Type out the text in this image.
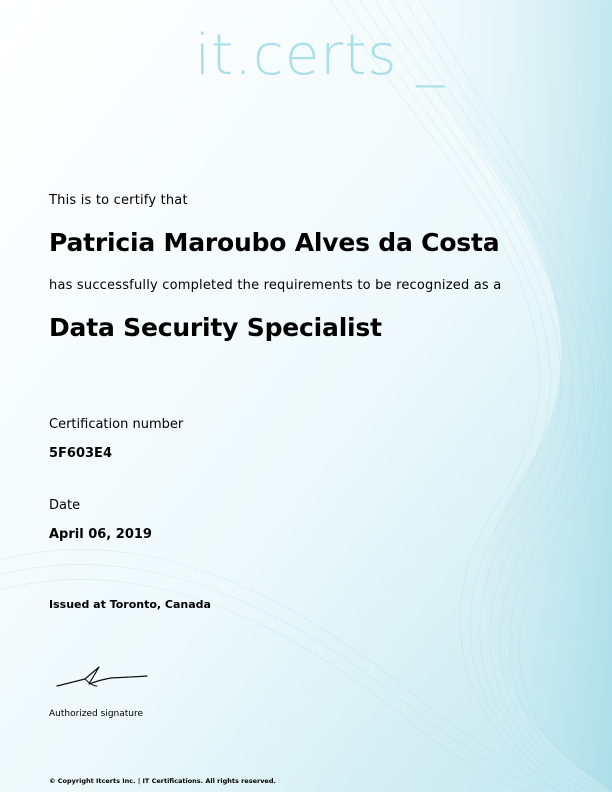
it.certs _
This is to certify that
Patricia Maroubo Alves da Costa
has successfully completed the requirements to be recognized as a
Data Security Specialist
Certification number
5F603E4
Date
April 06, 2019
Issued at Toronto, Canada
Authorized signature
© Copyright Itcerts Inc. | IT Certifications. All rights reserved.
